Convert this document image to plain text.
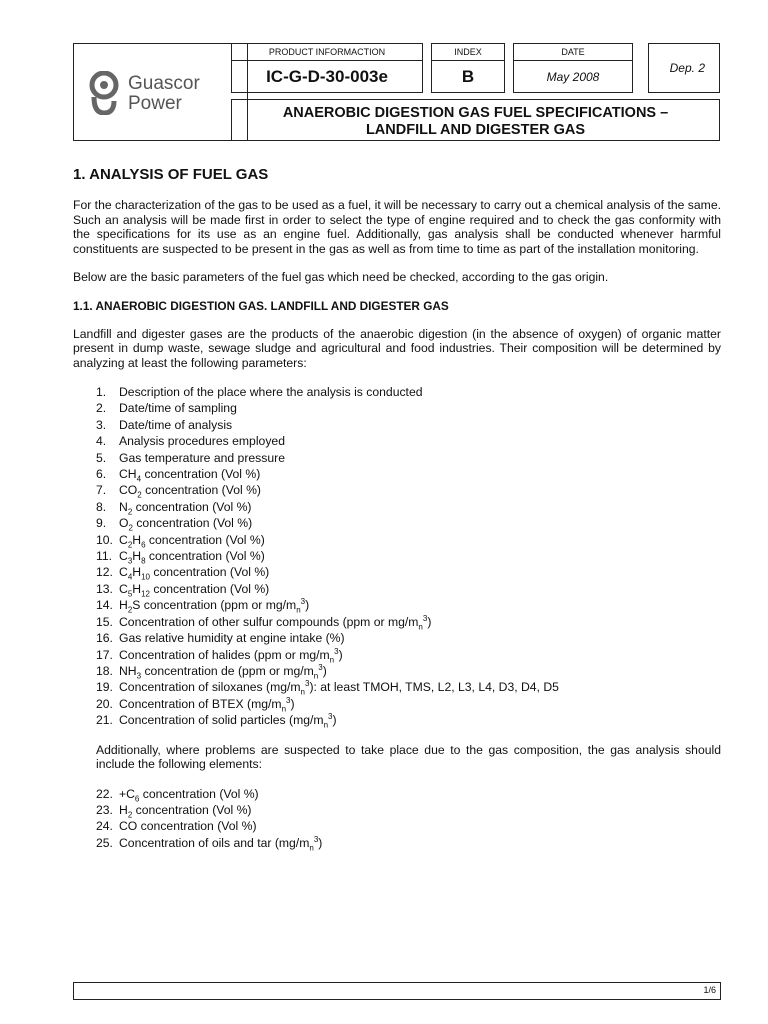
Guascor
Power
PRODUCT INFORMACTION
IC-G-D-30-003e
INDEX
B
DATE
May 2008
Dep. 2
ANAEROBIC DIGESTION GAS FUEL SPECIFICATIONS –
LANDFILL AND DIGESTER GAS
1. ANALYSIS OF FUEL GAS

For the characterization of the gas to be used as a fuel, it will be necessary to carry out a chemical analysis of the same. Such an analysis will be made first in order to select the type of engine required and to check the gas conformity with the specifications for its use as an engine fuel. Additionally, gas analysis shall be conducted whenever harmful constituents are suspected to be present in the gas as well as from time to time as part of the installation monitoring.

Below are the basic parameters of the fuel gas which need be checked, according to the gas origin.

1.1. ANAEROBIC DIGESTION GAS. LANDFILL AND DIGESTER GAS

Landfill and digester gases are the products of the anaerobic digestion (in the absence of oxygen) of organic matter present in dump waste, sewage sludge and agricultural and food industries. Their composition will be determined by analyzing at least the following parameters:

1. Description of the place where the analysis is conducted
2. Date/time of sampling
3. Date/time of analysis
4. Analysis procedures employed
5. Gas temperature and pressure
6. $CH_4$ concentration (Vol %)
7. $CO_2$ concentration (Vol %)
8. $N_2$ concentration (Vol %)
9. $O_2$ concentration (Vol %)
10. $C_2H_6$ concentration (Vol %)
11. $C_3H_8$ concentration (Vol %)
12. $C_4H_{10}$ concentration (Vol %)
13. $C_5H_{12}$ concentration (Vol %)
14. $H_2S$ concentration (ppm or $mg/m_n^3$)
15. Concentration of other sulfur compounds (ppm or $mg/m_n^3$)
16. Gas relative humidity at engine intake (%)
17. Concentration of halides (ppm or $mg/m_n^3$)
18. $NH_3$ concentration de (ppm or $mg/m_n^3$)
19. Concentration of siloxanes $(mg/m_n^3)$: at least TMOH, TMS, L2, L3, L4, D3, D4, D5
20. Concentration of BTEX $(mg/m_n^3)$
21. Concentration of solid particles $(mg/m_n^3)$

Additionally, where problems are suspected to take place due to the gas composition, the gas analysis should include the following elements:

22. $+C_6$ concentration (Vol %)
23. $H_2$ concentration (Vol %)
24. CO concentration (Vol %)
25. Concentration of oils and tar $(mg/m_n^3)$
1/6
